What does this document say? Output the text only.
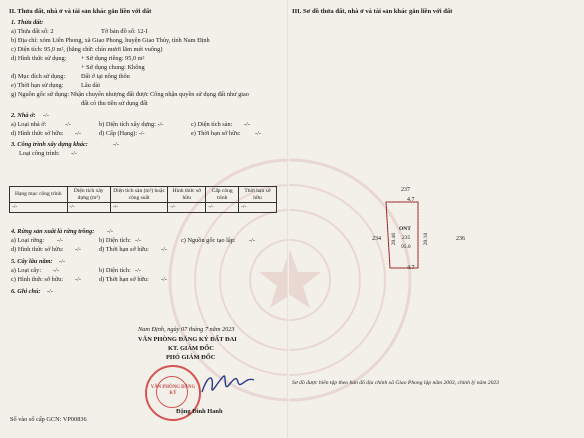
II. Thửa đất, nhà ở và tài sản khác gắn liền với đất
1. Thửa đất:
a) Thửa đất số: 2	Tờ bản đồ số: 12-I
b) Địa chỉ: xóm Liên Phong, xã Giao Phong, huyện Giao Thủy, tỉnh Nam Định
c) Diện tích: 95,0 m², (bằng chữ: chín mươi lăm mét vuông)
d) Hình thức sử dụng: + Sử dụng riêng: 95,0 m²
+ Sử dụng chung: Không
đ) Mục đích sử dụng:	Đất ở tại nông thôn
e) Thời hạn sử dụng:	Lâu dài
g) Nguồn gốc sử dụng: Nhận chuyển nhượng đất được Công nhận quyền sử dụng đất như giao
đất có thu tiền sử dụng đất
2. Nhà ở: -/-
a) Loại nhà ở:	-/-	b) Diện tích xây dựng: -/-	c) Diện tích sàn: -/-
d) Hình thức sở hữu: -/-	đ) Cấp (Hạng): -/-	e) Thời hạn sở hữu: -/-
3. Công trình xây dựng khác:	-/-
Loại công trình: -/-
Hạng mục công trình	Diện tích xây dựng (m²)	Diện tích sàn (m²) hoặc công suất	Hình thức sở hữu	Cấp công trình	Thời hạn sở hữu
-/-	-/-	-/-	-/-	-/-	-/-
4. Rừng sản xuất là rừng trồng: -/-
a) Loại rừng: -/-	b) Diện tích: -/-	c) Nguồn gốc tạo lập: -/-
d) Hình thức sở hữu: -/-	đ) Thời hạn sở hữu: -/-
5. Cây lâu năm: -/-
a) Loại cây: -/-	b) Diện tích: -/-
c) Hình thức sở hữu: -/-	d) Thời hạn sở hữu: -/-
6. Ghi chú: -/-
Nam Định, ngày 07 tháng 7 năm 2023
VĂN PHÒNG ĐĂNG KÝ ĐẤT ĐAI
KT. GIÁM ĐỐC
PHÓ GIÁM ĐỐC
VĂN PHÒNG ĐĂNG KÝ
Đặng Đình Hanh
Số vào sổ cấp GCN: VP00836
III. Sơ đồ thửa đất, nhà ở và tài sản khác gắn liền với đất
237
4.7
234	236
20.46	20.18
ONT
235
95.0
4.7
Sơ đồ được biên tập theo bản đồ địa chính xã Giao Phong lập năm 2003, chỉnh lý năm 2023
